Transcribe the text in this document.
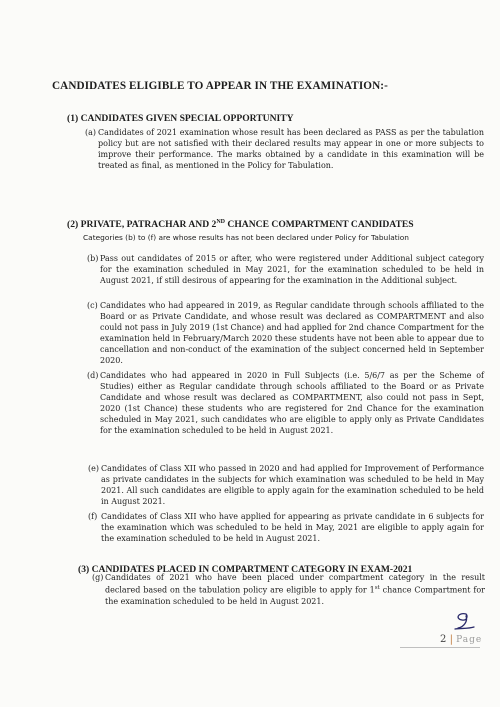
CANDIDATES ELIGIBLE TO APPEAR IN THE EXAMINATION:-
(1) CANDIDATES GIVEN SPECIAL OPPORTUNITY
(a) Candidates of 2021 examination whose result has been declared as PASS as per the tabulation policy but are not satisfied with their declared results may appear in one or more subjects to improve their performance. The marks obtained by a candidate in this examination will be treated as final, as mentioned in the Policy for Tabulation.
(2) PRIVATE, PATRACHAR AND 2ND CHANCE COMPARTMENT CANDIDATES
Categories (b) to (f) are whose results has not been declared under Policy for Tabulation
(b) Pass out candidates of 2015 or after, who were registered under Additional subject category for the examination scheduled in May 2021, for the examination scheduled to be held in August 2021, if still desirous of appearing for the examination in the Additional subject.
(c) Candidates who had appeared in 2019, as Regular candidate through schools affiliated to the Board or as Private Candidate, and whose result was declared as COMPARTMENT and also could not pass in July 2019 (1st Chance) and had applied for 2nd chance Compartment for the examination held in February/March 2020 these students have not been able to appear due to cancellation and non-conduct of the examination of the subject concerned held in September 2020.
(d) Candidates who had appeared in 2020 in Full Subjects (i.e. 5/6/7 as per the Scheme of Studies) either as Regular candidate through schools affiliated to the Board or as Private Candidate and whose result was declared as COMPARTMENT, also could not pass in Sept, 2020 (1st Chance) these students who are registered for 2nd Chance for the examination scheduled in May 2021, such candidates who are eligible to apply only as Private Candidates for the examination scheduled to be held in August 2021.
(e) Candidates of Class XII who passed in 2020 and had applied for Improvement of Performance as private candidates in the subjects for which examination was scheduled to be held in May 2021. All such candidates are eligible to apply again for the examination scheduled to be held in August 2021.
(f) Candidates of Class XII who have applied for appearing as private candidate in 6 subjects for the examination which was scheduled to be held in May, 2021 are eligible to apply again for the examination scheduled to be held in August 2021.
(3) CANDIDATES PLACED IN COMPARTMENT CATEGORY IN EXAM-2021
(g) Candidates of 2021 who have been placed under compartment category in the result declared based on the tabulation policy are eligible to apply for 1st chance Compartment for the examination scheduled to be held in August 2021.
2 | Page
